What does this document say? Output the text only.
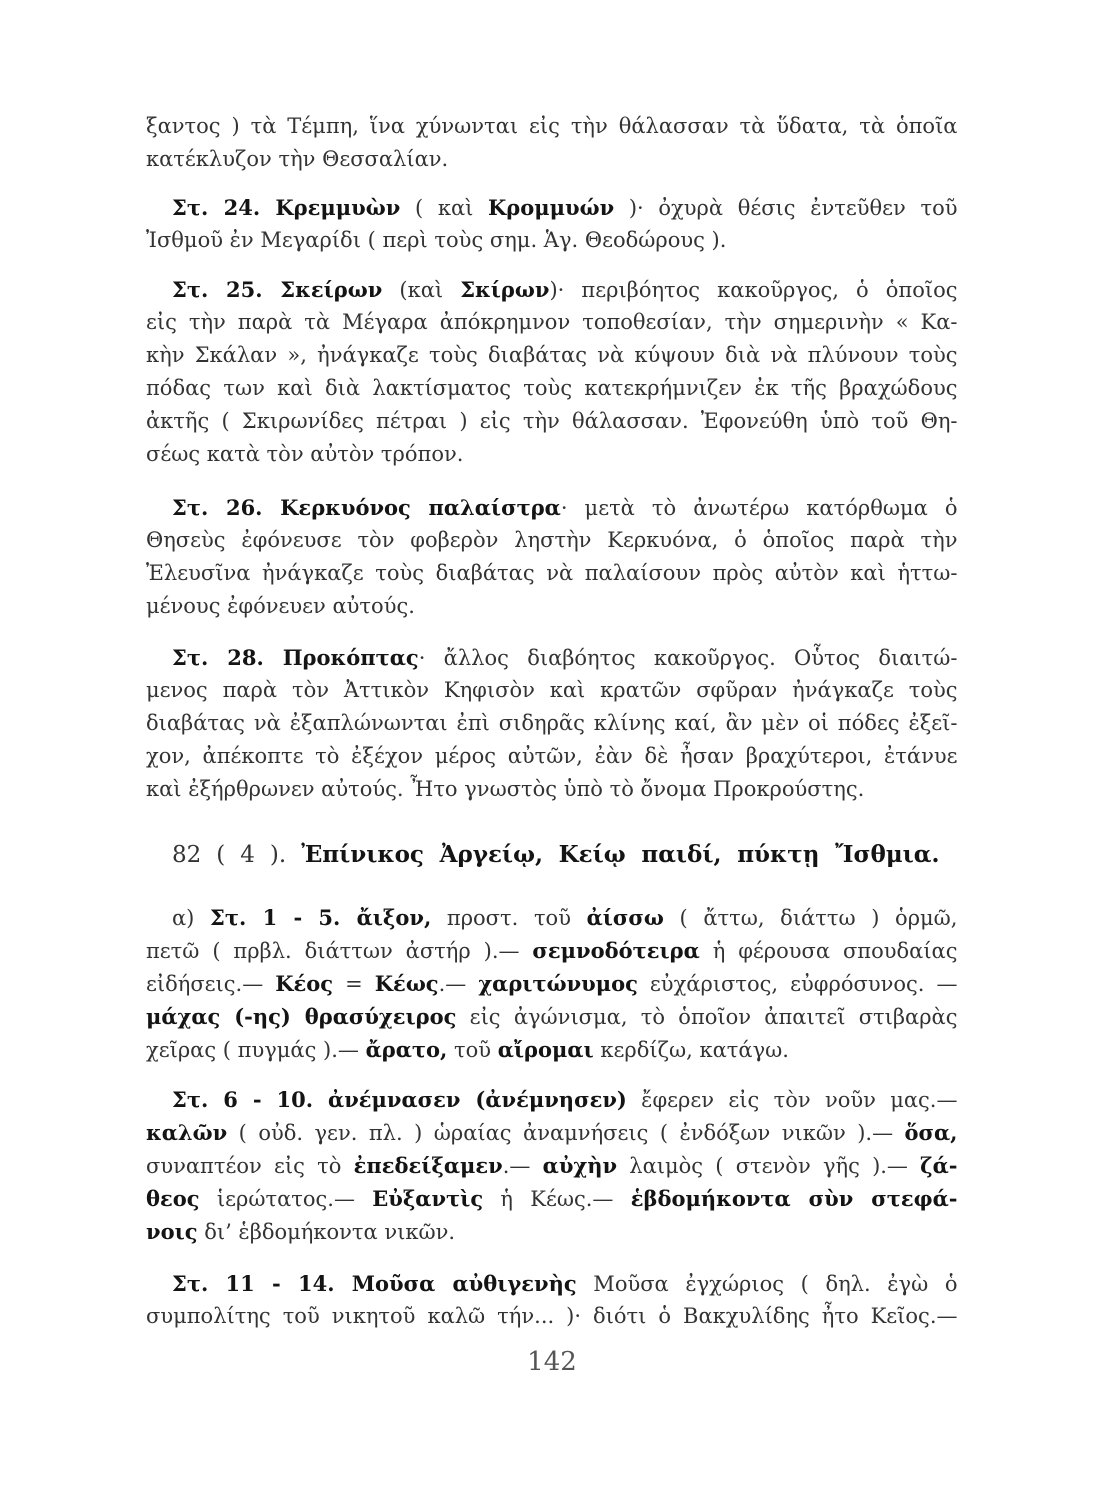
ξαντος ) τὰ Τέμπη, ἵνα χύνωνται εἰς τὴν θάλασσαν τὰ ὕδατα, τὰ ὁποῖα
κατέκλυζον τὴν Θεσσαλίαν.
Στ. 24. Κρεμμυὼν ( καὶ Κρομμυών )· ὀχυρὰ θέσις ἐντεῦθεν τοῦ
Ἰσθμοῦ ἐν Μεγαρίδι ( περὶ τοὺς σημ. Ἁγ. Θεοδώρους ).
Στ. 25. Σκείρων (καὶ Σκίρων)· περιβόητος κακοῦργος, ὁ ὁποῖος
εἰς τὴν παρὰ τὰ Μέγαρα ἀπόκρημνον τοποθεσίαν, τὴν σημερινὴν « Κα-
κὴν Σκάλαν », ἠνάγκαζε τοὺς διαβάτας νὰ κύψουν διὰ νὰ πλύνουν τοὺς
πόδας των καὶ διὰ λακτίσματος τοὺς κατεκρήμνιζεν ἐκ τῆς βραχώδους
ἀκτῆς ( Σκιρωνίδες πέτραι ) εἰς τὴν θάλασσαν. Ἐφονεύθη ὑπὸ τοῦ Θη-
σέως κατὰ τὸν αὐτὸν τρόπον.
Στ. 26. Κερκυόνος παλαίστρα· μετὰ τὸ ἀνωτέρω κατόρθωμα ὁ
Θησεὺς ἐφόνευσε τὸν φοβερὸν ληστὴν Κερκυόνα, ὁ ὁποῖος παρὰ τὴν
Ἐλευσῖνα ἠνάγκαζε τοὺς διαβάτας νὰ παλαίσουν πρὸς αὐτὸν καὶ ἡττω-
μένους ἐφόνευεν αὐτούς.
Στ. 28. Προκόπτας· ἄλλος διαβόητος κακοῦργος. Οὗτος διαιτώ-
μενος παρὰ τὸν Ἀττικὸν Κηφισὸν καὶ κρατῶν σφῦραν ἠνάγκαζε τοὺς
διαβάτας νὰ ἐξαπλώνωνται ἐπὶ σιδηρᾶς κλίνης καί, ἂν μὲν οἱ πόδες ἐξεῖ-
χον, ἀπέκοπτε τὸ ἐξέχον μέρος αὐτῶν, ἐὰν δὲ ἦσαν βραχύτεροι, ἐτάνυε
καὶ ἐξήρθρωνεν αὐτούς. Ἦτο γνωστὸς ὑπὸ τὸ ὄνομα Προκρούστης.
82 ( 4 ). Ἐπίνικος Ἀργείῳ, Κείῳ παιδί, πύκτῃ Ἴσθμια.
α) Στ. 1 - 5. ἄιξον, προστ. τοῦ ἀίσσω ( ἄττω, διάττω ) ὁρμῶ,
πετῶ ( πρβλ. διάττων ἀστήρ ).— σεμνοδότειρα ἡ φέρουσα σπουδαίας
εἰδήσεις.— Κέος = Κέως.— χαριτώνυμος εὐχάριστος, εὐφρόσυνος. —
μάχας (-ης) θρασύχειρος εἰς ἀγώνισμα, τὸ ὁποῖον ἀπαιτεῖ στιβαρὰς
χεῖρας ( πυγμάς ).— ἄρατο, τοῦ αἴρομαι κερδίζω, κατάγω.
Στ. 6 - 10. ἀνέμνασεν (ἀνέμνησεν) ἔφερεν εἰς τὸν νοῦν μας.—
καλῶν ( οὐδ. γεν. πλ. ) ὡραίας ἀναμνήσεις ( ἐνδόξων νικῶν ).— ὅσα,
συναπτέον εἰς τὸ ἐπεδείξαμεν.— αὐχὴν λαιμὸς ( στενὸν γῆς ).— ζά-
θεος ἱερώτατος.— Εὐξαντὶς ἡ Κέως.— ἑβδομήκοντα σὺν στεφά-
νοις δι’ ἑβδομήκοντα νικῶν.
Στ. 11 - 14. Μοῦσα αὐθιγενὴς Μοῦσα ἐγχώριος ( δηλ. ἐγὼ ὁ
συμπολίτης τοῦ νικητοῦ καλῶ τήν... )· διότι ὁ Βακχυλίδης ἦτο Κεῖος.—
142
